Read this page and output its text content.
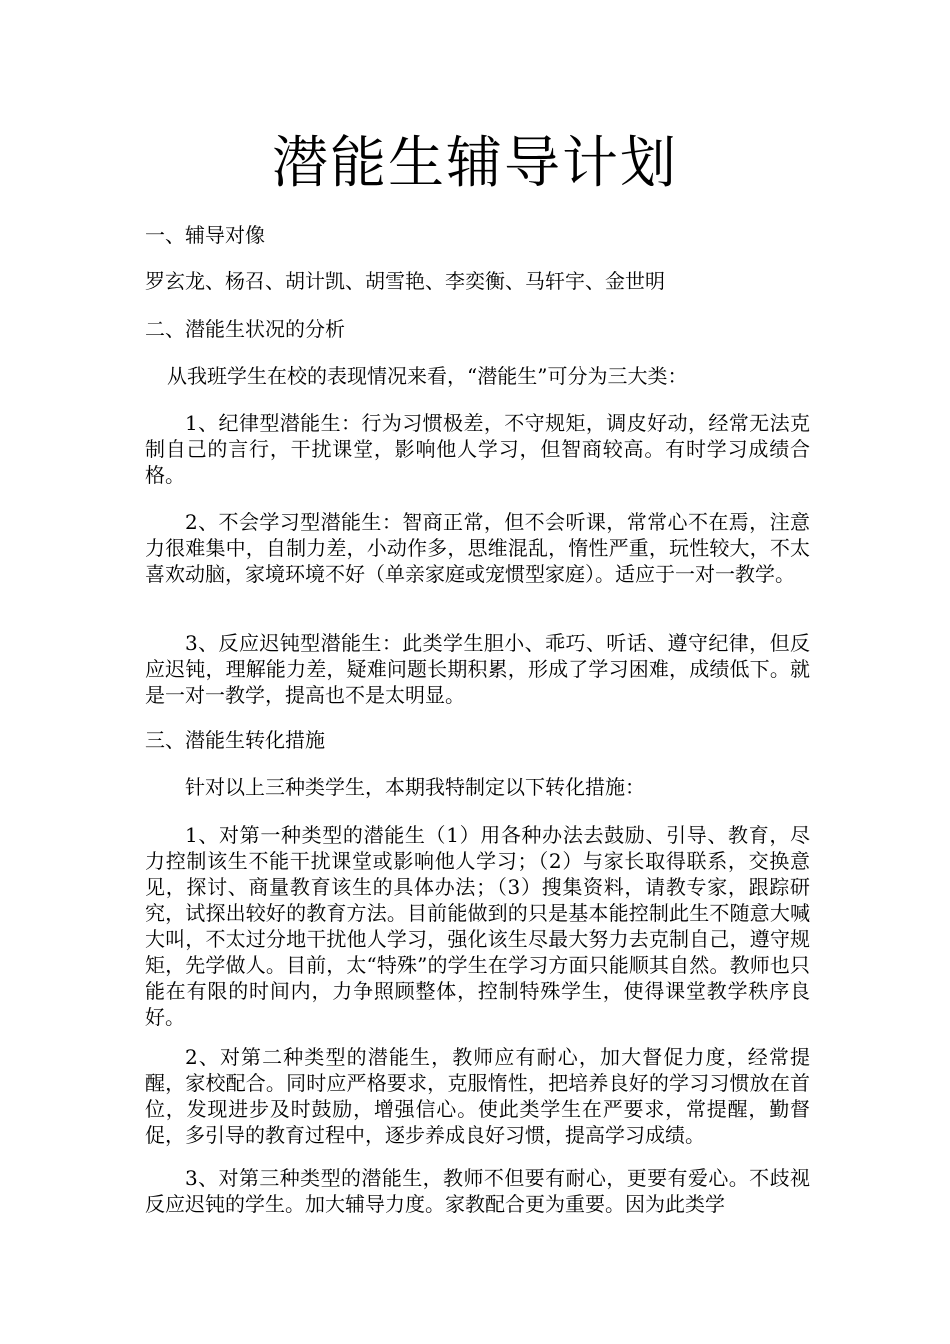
潜能生辅导计划

一、辅导对像

罗玄龙、杨召、胡计凯、胡雪艳、李奕衡、马轩宇、金世明

二、潜能生状况的分析

从我班学生在校的表现情况来看，“潜能生”可分为三大类：

1、纪律型潜能生：行为习惯极差，不守规矩，调皮好动，经常无法克制自己的言行，干扰课堂，影响他人学习，但智商较高。有时学习成绩合格。

2、不会学习型潜能生：智商正常，但不会听课，常常心不在焉，注意力很难集中，自制力差，小动作多，思维混乱，惰性严重，玩性较大，不太喜欢动脑，家境环境不好（单亲家庭或宠惯型家庭）。适应于一对一教学。

3、反应迟钝型潜能生：此类学生胆小、乖巧、听话、遵守纪律，但反应迟钝，理解能力差，疑难问题长期积累，形成了学习困难，成绩低下。就是一对一教学，提高也不是太明显。

三、潜能生转化措施

针对以上三种类学生，本期我特制定以下转化措施：

1、对第一种类型的潜能生（1）用各种办法去鼓励、引导、教育，尽力控制该生不能干扰课堂或影响他人学习；（2）与家长取得联系，交换意见，探讨、商量教育该生的具体办法；（3）搜集资料，请教专家，跟踪研究，试探出较好的教育方法。目前能做到的只是基本能控制此生不随意大喊大叫，不太过分地干扰他人学习，强化该生尽最大努力去克制自己，遵守规矩，先学做人。目前，太“特殊”的学生在学习方面只能顺其自然。教师也只能在有限的时间内，力争照顾整体，控制特殊学生，使得课堂教学秩序良好。

2、对第二种类型的潜能生，教师应有耐心，加大督促力度，经常提醒，家校配合。同时应严格要求，克服惰性，把培养良好的学习习惯放在首位，发现进步及时鼓励，增强信心。使此类学生在严要求，常提醒，勤督促，多引导的教育过程中，逐步养成良好习惯，提高学习成绩。

3、对第三种类型的潜能生，教师不但要有耐心，更要有爱心。不歧视反应迟钝的学生。加大辅导力度。家教配合更为重要。因为此类学
